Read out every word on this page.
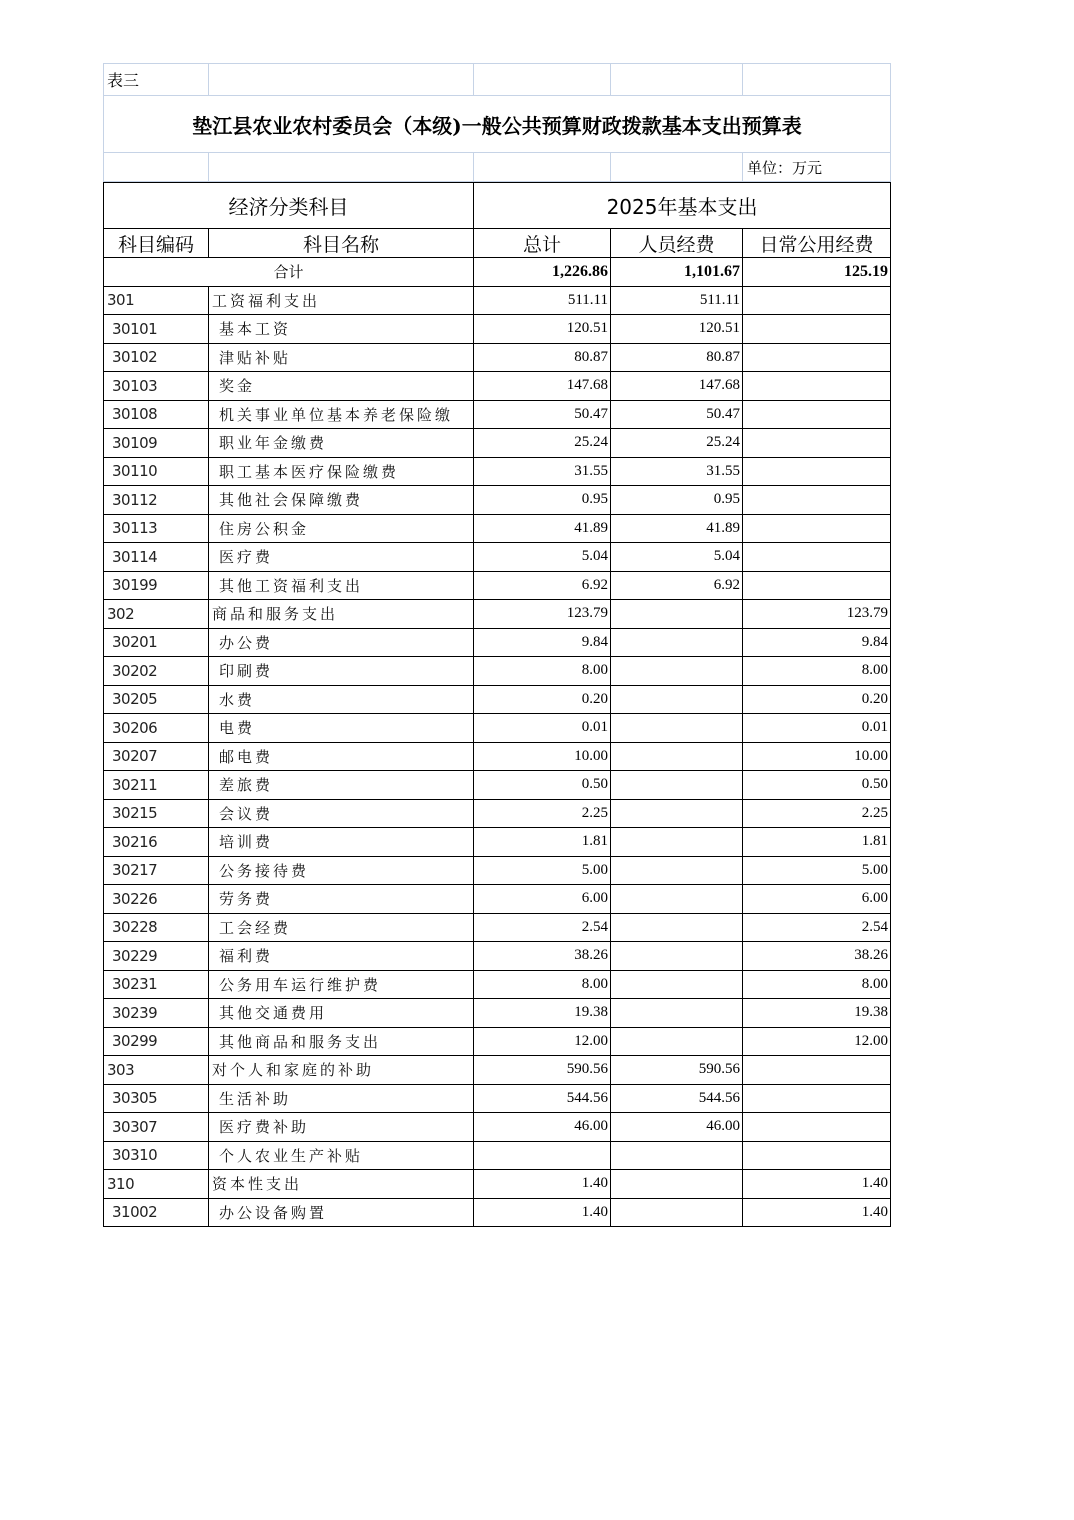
表三				
垫江县农业农村委员会（本级)一般公共预算财政拨款基本支出预算表				
				单位：万元
经济分类科目		2025年基本支出		
科目编码	科目名称	总计	人员经费	日常公用经费
合计		1,226.86	1,101.67	125.19
301	工资福利支出	511.11	511.11	
30101	基本工资	120.51	120.51	
30102	津贴补贴	80.87	80.87	
30103	奖金	147.68	147.68	
30108	机关事业单位基本养老保险缴	50.47	50.47	
30109	职业年金缴费	25.24	25.24	
30110	职工基本医疗保险缴费	31.55	31.55	
30112	其他社会保障缴费	0.95	0.95	
30113	住房公积金	41.89	41.89	
30114	医疗费	5.04	5.04	
30199	其他工资福利支出	6.92	6.92	
302	商品和服务支出	123.79		123.79
30201	办公费	9.84		9.84
30202	印刷费	8.00		8.00
30205	水费	0.20		0.20
30206	电费	0.01		0.01
30207	邮电费	10.00		10.00
30211	差旅费	0.50		0.50
30215	会议费	2.25		2.25
30216	培训费	1.81		1.81
30217	公务接待费	5.00		5.00
30226	劳务费	6.00		6.00
30228	工会经费	2.54		2.54
30229	福利费	38.26		38.26
30231	公务用车运行维护费	8.00		8.00
30239	其他交通费用	19.38		19.38
30299	其他商品和服务支出	12.00		12.00
303	对个人和家庭的补助	590.56	590.56	
30305	生活补助	544.56	544.56	
30307	医疗费补助	46.00	46.00	
30310	个人农业生产补贴			
310	资本性支出	1.40		1.40
31002	办公设备购置	1.40		1.40
